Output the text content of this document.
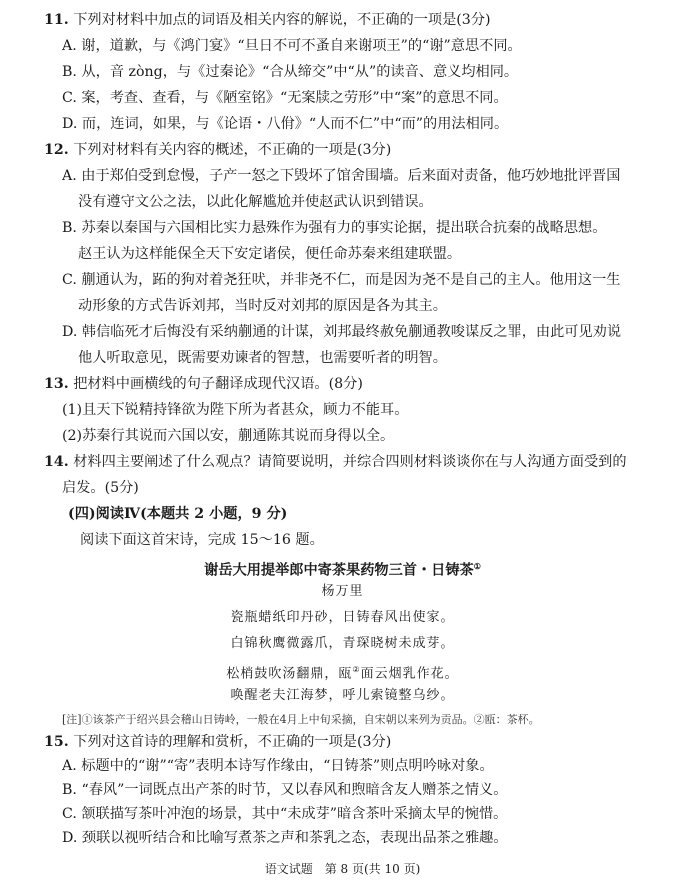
11. 下列对材料中加点的词语及相关内容的解说，不正确的一项是(3分)
A. 谢，道歉，与《鸿门宴》“旦日不可不蚤自来谢项王”的“谢”意思不同。
B. 从，音 zòng，与《过秦论》“合从缔交”中“从”的读音、意义均相同。
C. 案，考查、查看，与《陋室铭》“无案牍之劳形”中“案”的意思不同。
D. 而，连词，如果，与《论语・八佾》“人而不仁”中“而”的用法相同。
12. 下列对材料有关内容的概述，不正确的一项是(3分)
A. 由于郑伯受到怠慢，子产一怒之下毁坏了馆舍围墙。后来面对责备，他巧妙地批评晋国
没有遵守文公之法，以此化解尴尬并使赵武认识到错误。
B. 苏秦以秦国与六国相比实力悬殊作为强有力的事实论据，提出联合抗秦的战略思想。
赵王认为这样能保全天下安定诸侯，便任命苏秦来组建联盟。
C. 蒯通认为，跖的狗对着尧狂吠，并非尧不仁，而是因为尧不是自己的主人。他用这一生
动形象的方式告诉刘邦，当时反对刘邦的原因是各为其主。
D. 韩信临死才后悔没有采纳蒯通的计谋，刘邦最终赦免蒯通教唆谋反之罪，由此可见劝说
他人听取意见，既需要劝谏者的智慧，也需要听者的明智。
13. 把材料中画横线的句子翻译成现代汉语。(8分)
(1)且天下锐精持锋欲为陛下所为者甚众，顾力不能耳。
(2)苏秦行其说而六国以安，蒯通陈其说而身得以全。
14. 材料四主要阐述了什么观点？请简要说明，并综合四则材料谈谈你在与人沟通方面受到的
启发。(5分)
(四)阅读Ⅳ(本题共 2 小题，9 分)
阅读下面这首宋诗，完成 15～16 题。
谢岳大用提举郎中寄茶果药物三首・日铸茶①
杨万里
瓷瓶蜡纸印丹砂，日铸春风出使家。
白锦秋鹰微露爪，青琛晓树未成芽。
松梢鼓吹汤翻鼎，瓯②面云烟乳作花。
唤醒老夫江海梦，呼儿索镜整乌纱。
[注]①该茶产于绍兴县会稽山日铸岭，一般在4月上中旬采摘，自宋朝以来列为贡品。②瓯：茶杯。
15. 下列对这首诗的理解和赏析，不正确的一项是(3分)
A. 标题中的“谢”“寄”表明本诗写作缘由，“日铸茶”则点明吟咏对象。
B. “春风”一词既点出产茶的时节，又以春风和煦暗含友人赠茶之情义。
C. 颔联描写茶叶冲泡的场景，其中“未成芽”暗含茶叶采摘太早的惋惜。
D. 颈联以视听结合和比喻写煮茶之声和茶乳之态，表现出品茶之雅趣。
语文试题　第 8 页(共 10 页)
